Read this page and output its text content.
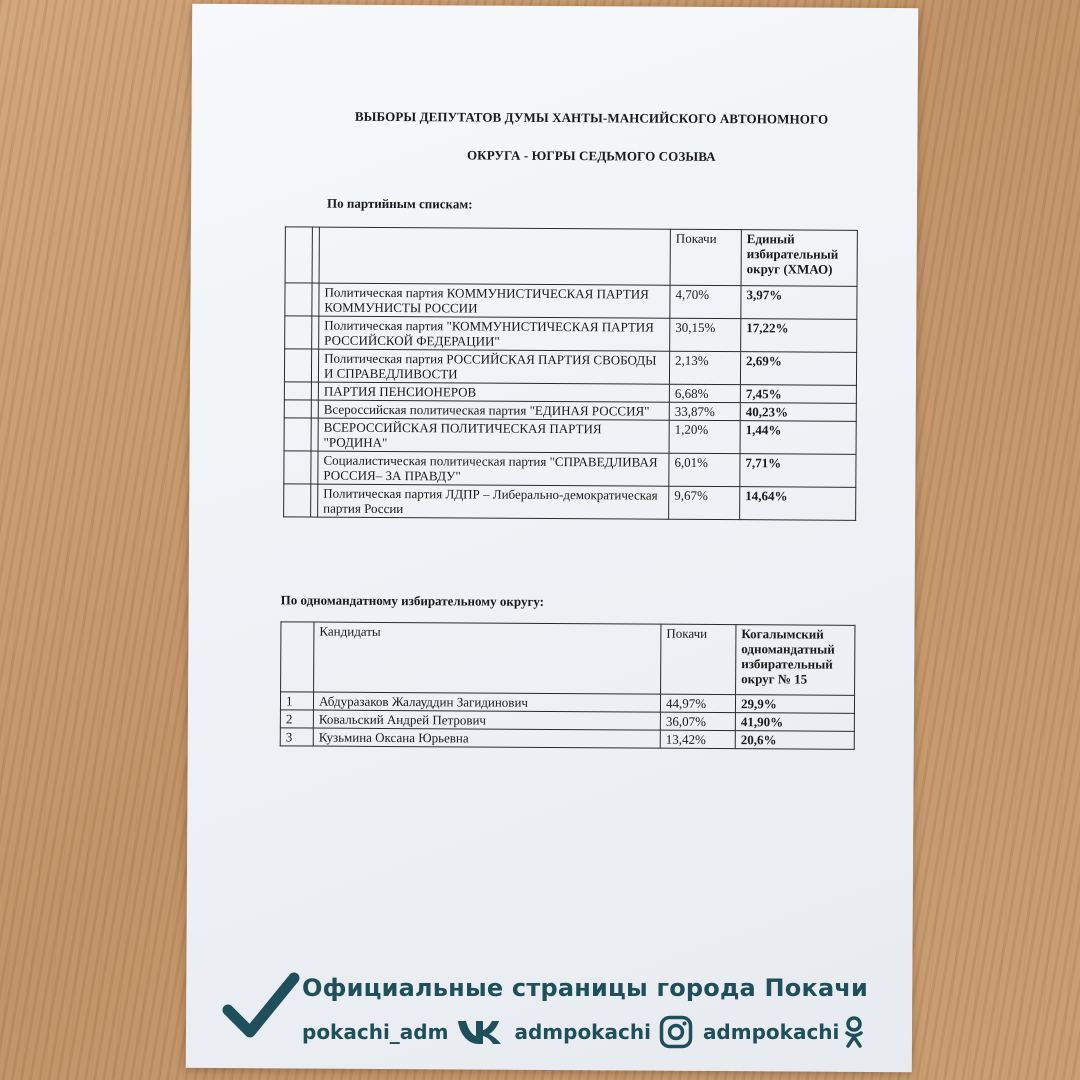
ВЫБОРЫ ДЕПУТАТОВ ДУМЫ ХАНТЫ-МАНСИЙСКОГО АВТОНОМНОГО
ОКРУГА - ЮГРЫ СЕДЬМОГО СОЗЫВА
По партийным спискам:
			Покачи	Единый избирательный округ (ХМАО)
		Политическая партия КОММУНИСТИЧЕСКАЯ ПАРТИЯ КОММУНИСТЫ РОССИИ	4,70%	3,97%
		Политическая партия "КОММУНИСТИЧЕСКАЯ ПАРТИЯ РОССИЙСКОЙ ФЕДЕРАЦИИ"	30,15%	17,22%
		Политическая партия РОССИЙСКАЯ ПАРТИЯ СВОБОДЫ И СПРАВЕДЛИВОСТИ	2,13%	2,69%
		ПАРТИЯ ПЕНСИОНЕРОВ	6,68%	7,45%
		Всероссийская политическая партия "ЕДИНАЯ РОССИЯ"	33,87%	40,23%
		ВСЕРОССИЙСКАЯ ПОЛИТИЧЕСКАЯ ПАРТИЯ "РОДИНА"	1,20%	1,44%
		Социалистическая политическая партия "СПРАВЕДЛИВАЯ РОССИЯ– ЗА ПРАВДУ"	6,01%	7,71%
		Политическая партия ЛДПР – Либерально-демократическая партия России	9,67%	14,64%
По одномандатному избирательному округу:
	Кандидаты	Покачи	Когалымский одномандатный избирательный округ № 15
1	Абдуразаков Жалауддин Загидинович	44,97%	29,9%
2	Ковальский Андрей Петрович	36,07%	41,90%
3	Кузьмина Оксана Юрьевна	13,42%	20,6%
Официальные страницы города Покачи
pokachi_adm	admpokachi	admpokachi
